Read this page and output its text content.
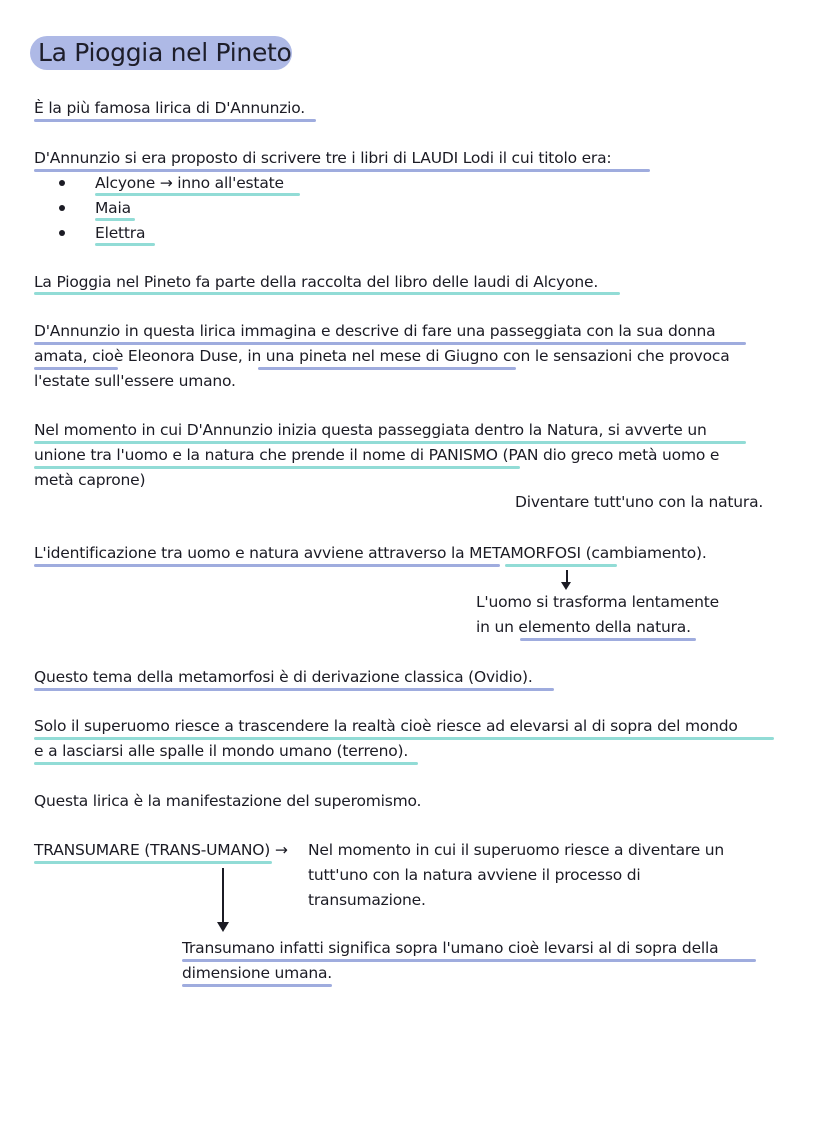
La Pioggia nel Pineto
È la più famosa lirica di D'Annunzio.
D'Annunzio si era proposto di scrivere tre i libri di LAUDI Lodi il cui titolo era:
Alcyone → inno all'estate
Maia
Elettra
La Pioggia nel Pineto fa parte della raccolta del libro delle laudi di Alcyone.
D'Annunzio in questa lirica immagina e descrive di fare una passeggiata con la sua donna
amata, cioè Eleonora Duse, in una pineta nel mese di Giugno con le sensazioni che provoca
l'estate sull'essere umano.
Nel momento in cui D'Annunzio inizia questa passeggiata dentro la Natura, si avverte un
unione tra l'uomo e la natura che prende il nome di PANISMO (PAN dio greco metà uomo e
metà caprone)
Diventare tutt'uno con la natura.
L'identificazione tra uomo e natura avviene attraverso la METAMORFOSI (cambiamento).
L'uomo si trasforma lentamente
in un elemento della natura.
Questo tema della metamorfosi è di derivazione classica (Ovidio).
Solo il superuomo riesce a trascendere la realtà cioè riesce ad elevarsi al di sopra del mondo
e a lasciarsi alle spalle il mondo umano (terreno).
Questa lirica è la manifestazione del superomismo.
TRANSUMARE (TRANS-UMANO) → Nel momento in cui il superuomo riesce a diventare un
tutt'uno con la natura avviene il processo di
transumazione.
Transumano infatti significa sopra l'umano cioè levarsi al di sopra della
dimensione umana.
